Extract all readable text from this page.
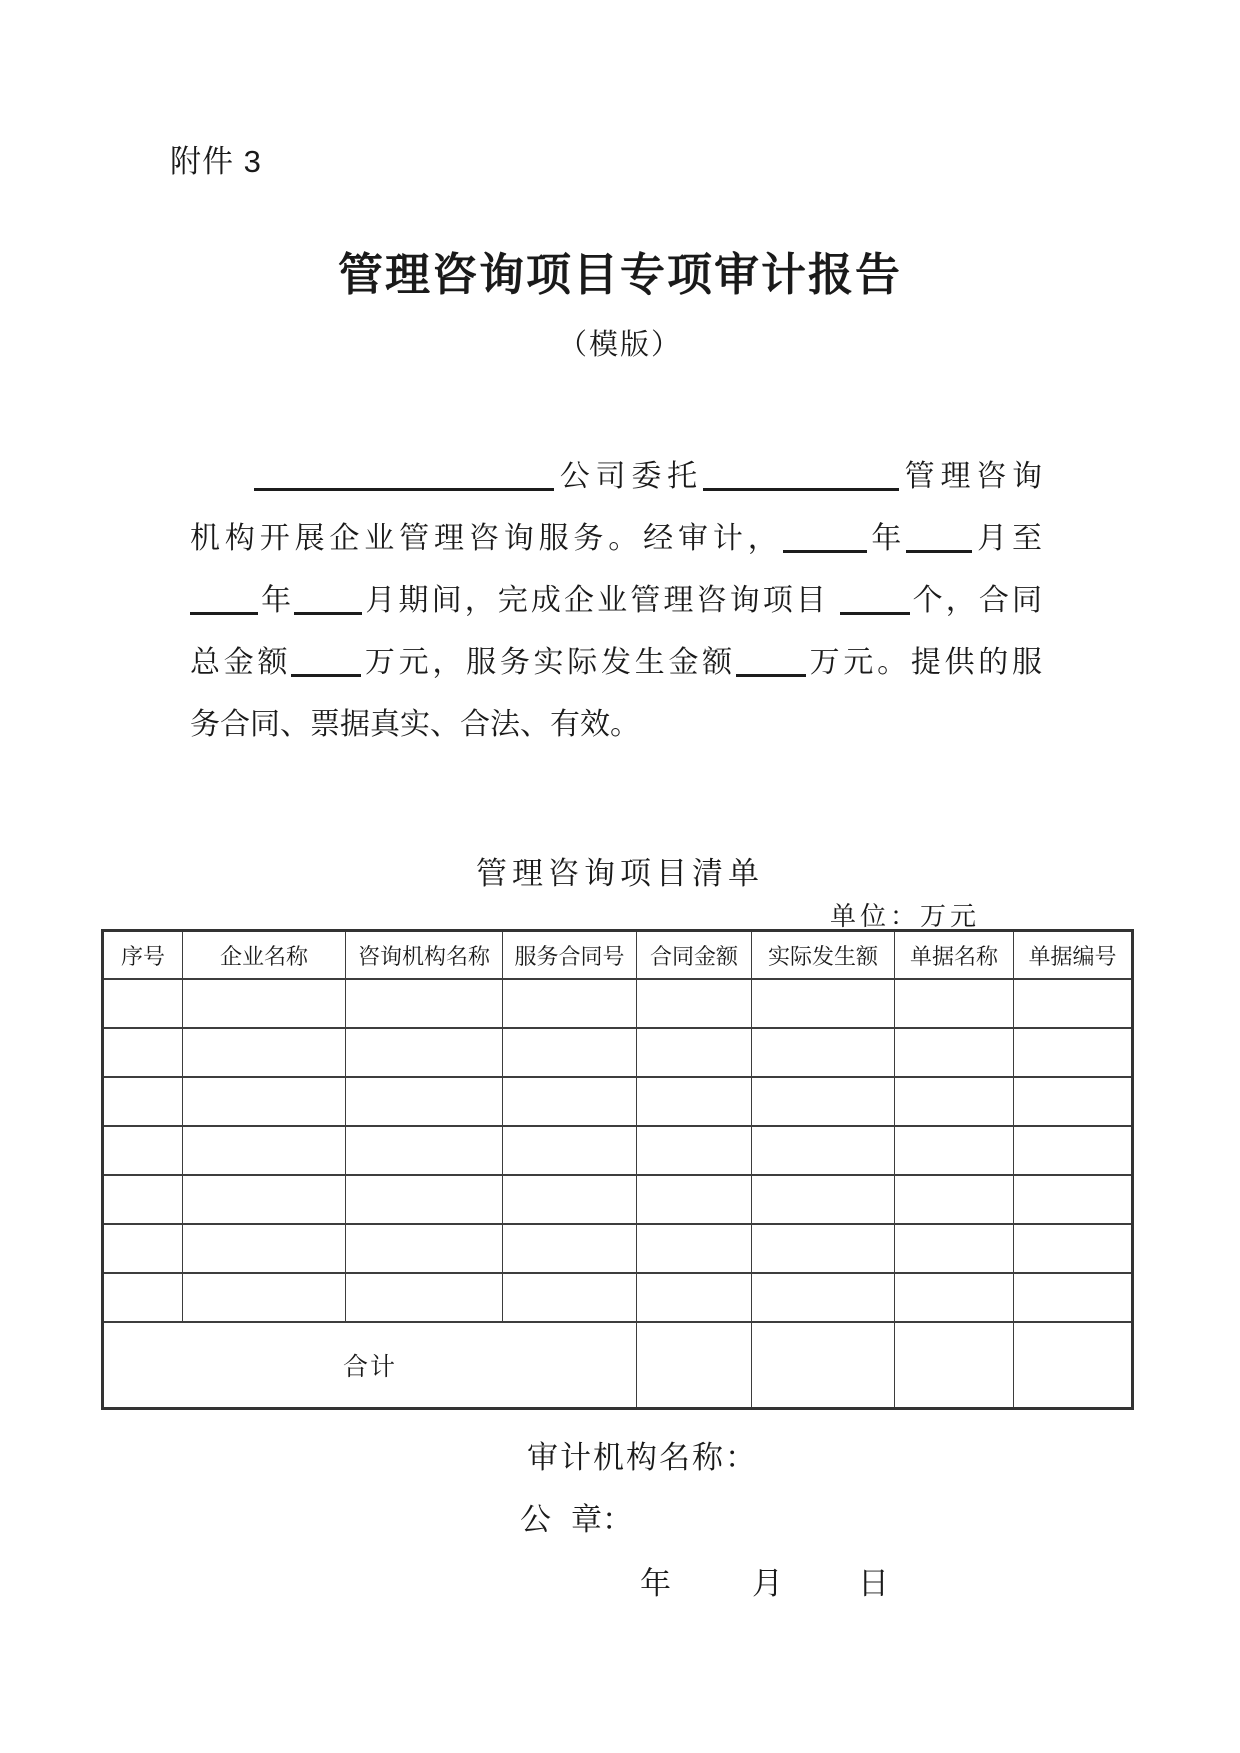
附件 3
管理咨询项目专项审计报告
（模版）
公司委托	管理咨询
机构开展企业管理咨询服务。经审计，	年 月至
年 月期间，完成企业管理咨询项目 个，合同
总金额 万元，服务实际发生金额 万元。提供的服
务合同、票据真实、合法、有效。
管理咨询项目清单
单位：万元
序号	企业名称	咨询机构名称	服务合同号	合同金额	实际发生额	单据名称	单据编号

合计							
审计机构名称：
公 章：
年	月 日
